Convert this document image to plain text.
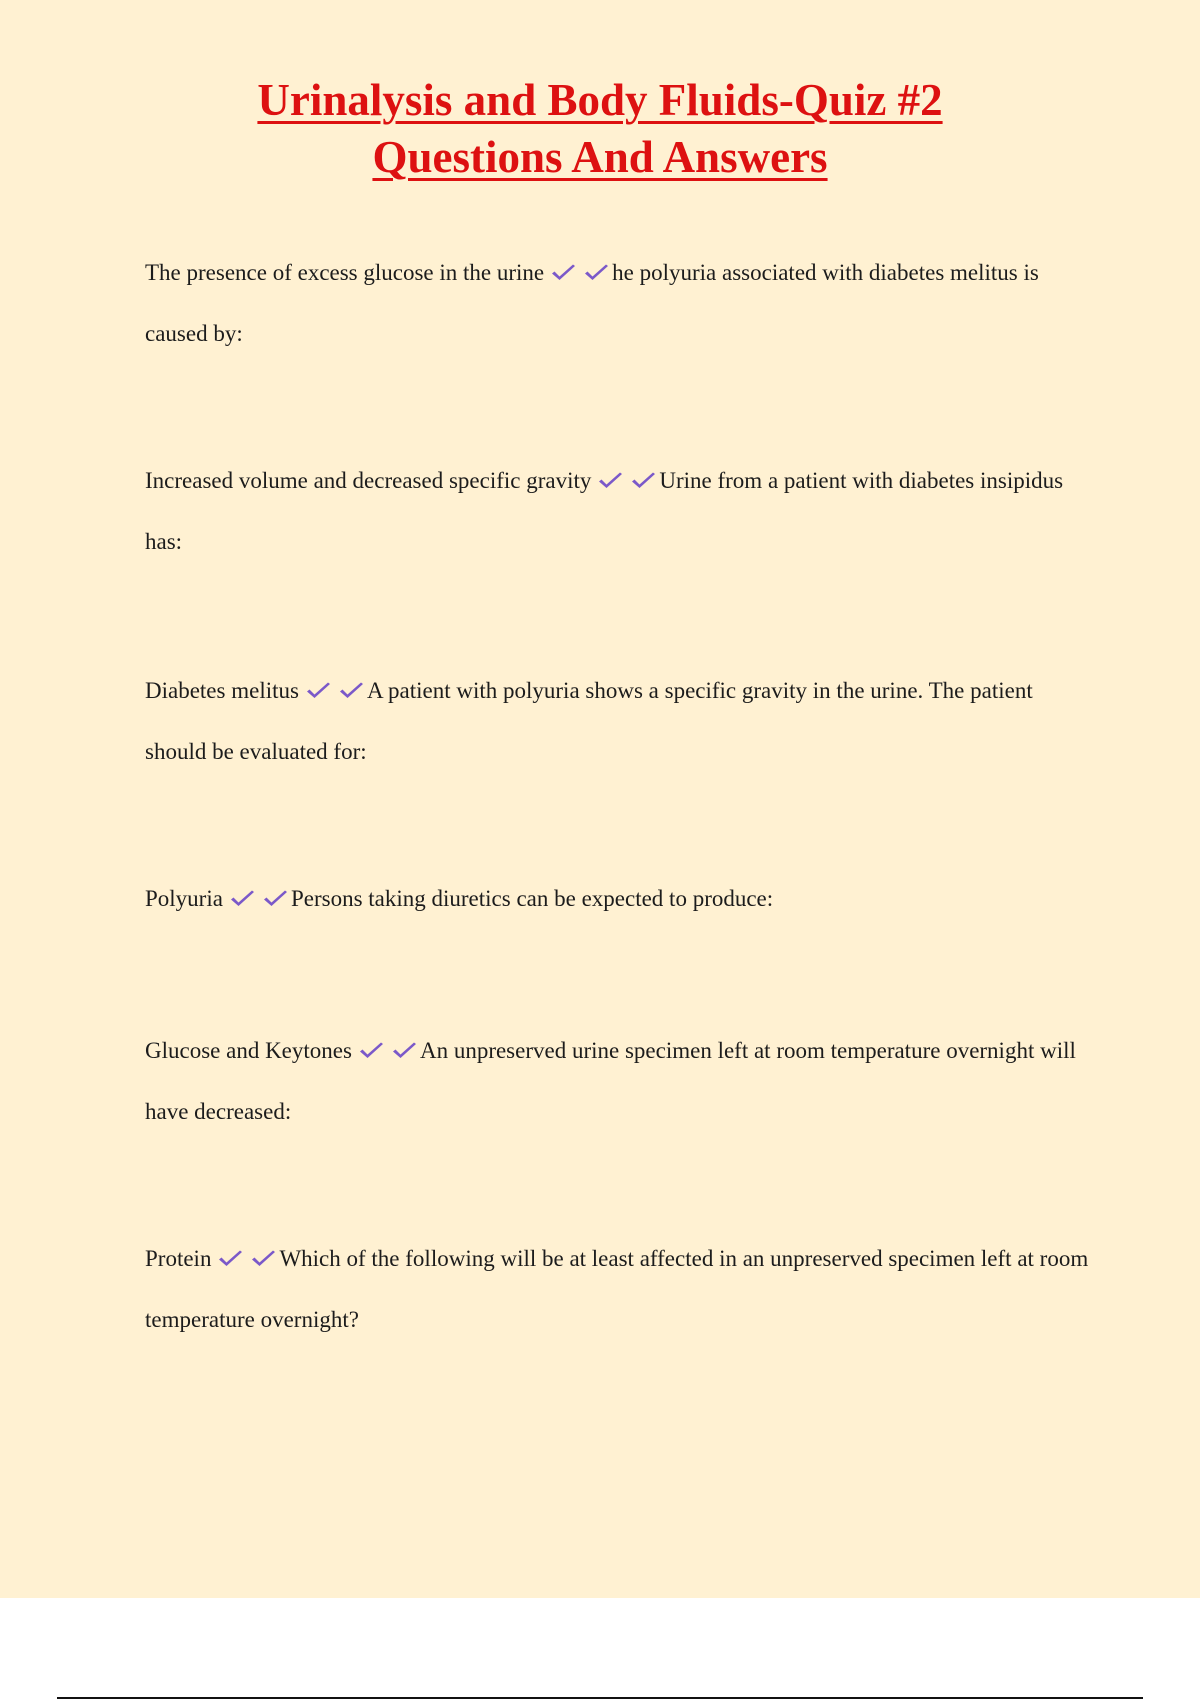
Urinalysis and Body Fluids-Quiz #2
Questions And Answers
The presence of excess glucose in the urine	he polyuria associated with diabetes melitus is caused by:
Increased volume and decreased specific gravity	Urine from a patient with diabetes insipidus has:
Diabetes melitus	A patient with polyuria shows a specific gravity in the urine. The patient should be evaluated for:
Polyuria	Persons taking diuretics can be expected to produce:
Glucose and Keytones	An unpreserved urine specimen left at room temperature overnight will have decreased:
Protein	Which of the following will be at least affected in an unpreserved specimen left at room temperature overnight?
